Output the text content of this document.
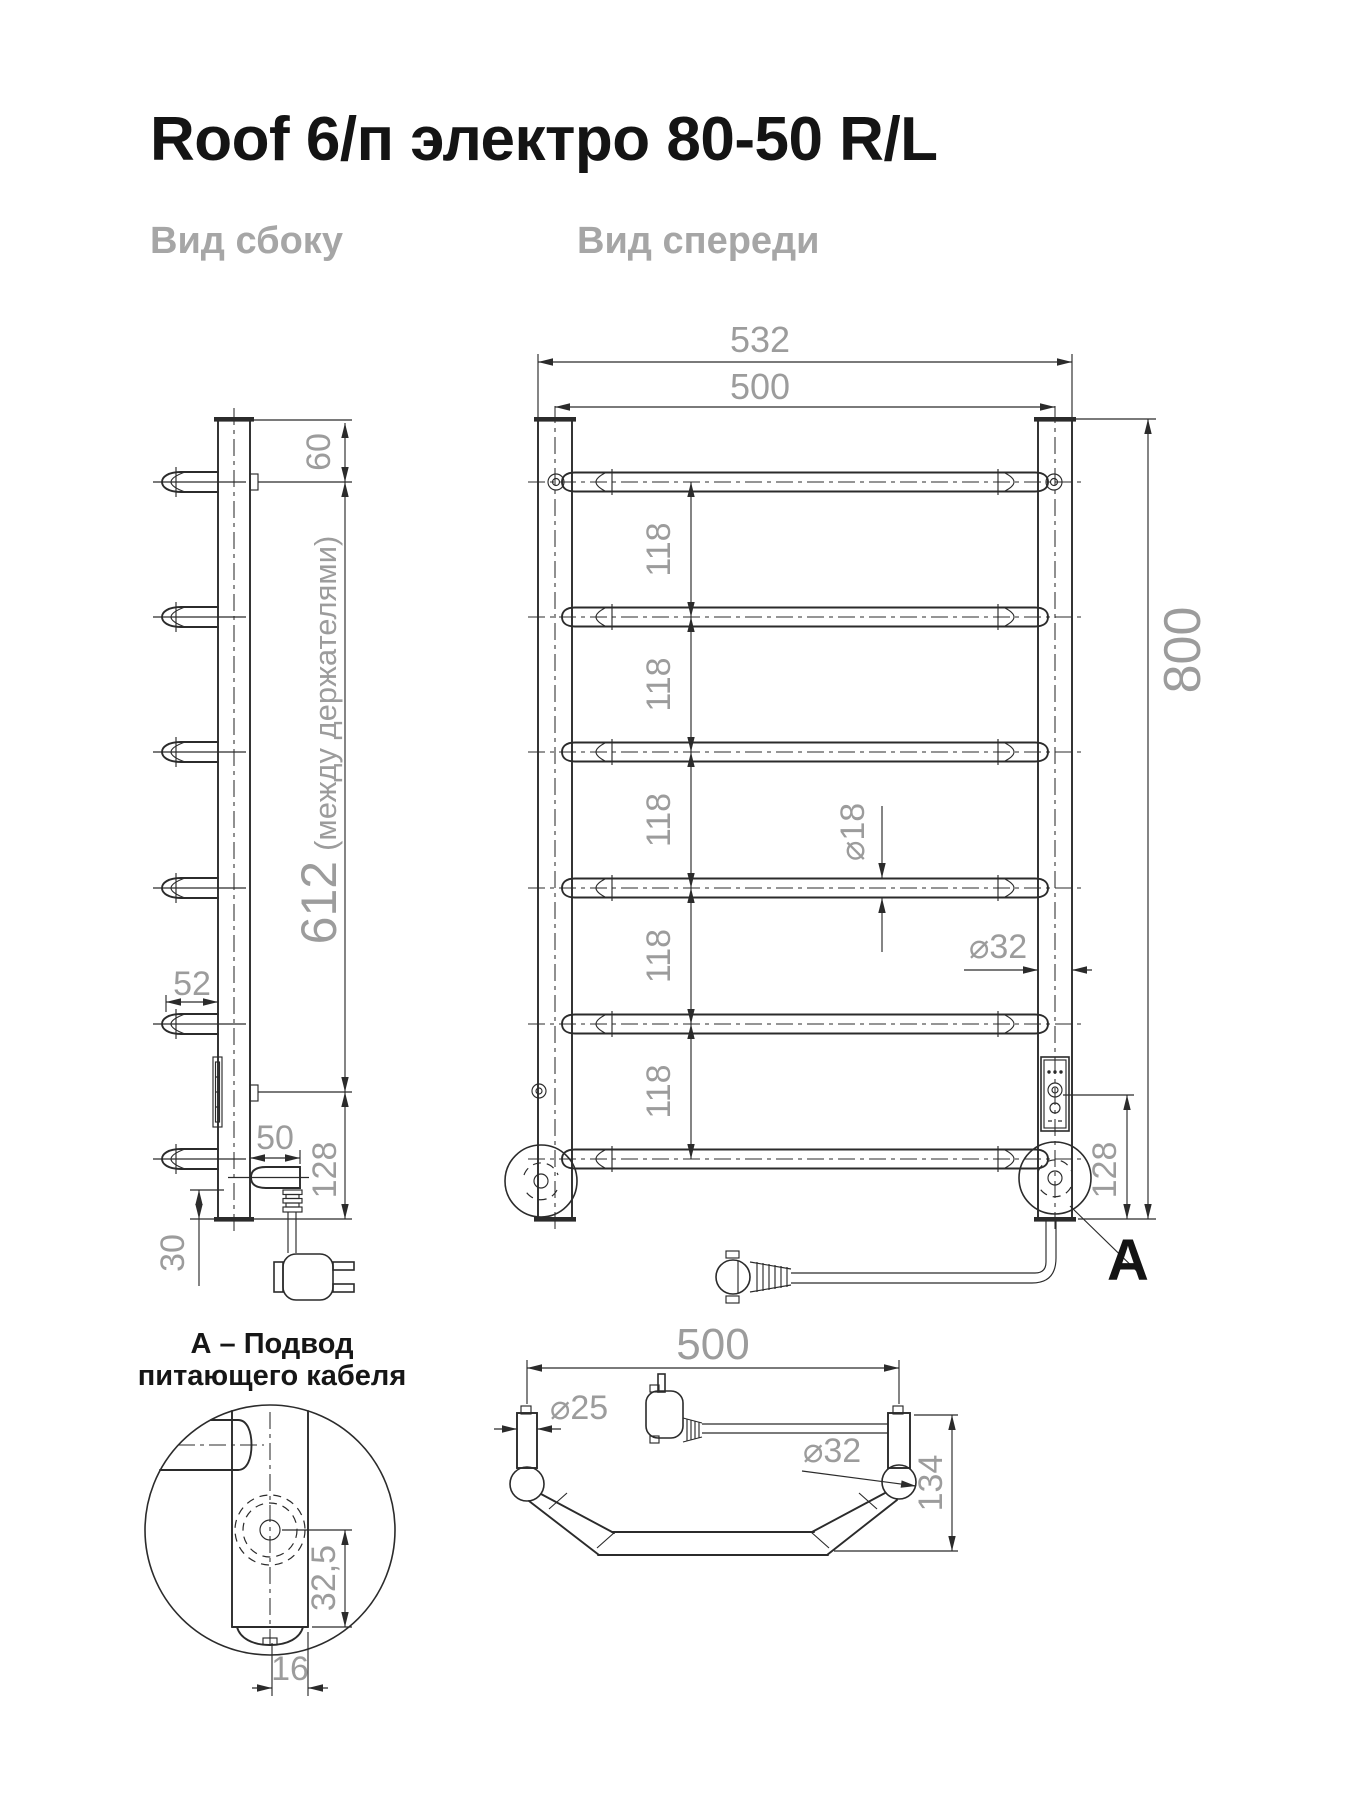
Roof 6/п электро 80-50 R/L
Вид сбоку	Вид спереди
60
612(между держателями)
52
50
128
30
532
500
118
118
118
118
118
⌀18
⌀32
800
128
A
А – Подвод
питающего кабеля
32,5
16
500
⌀25
⌀32
134
